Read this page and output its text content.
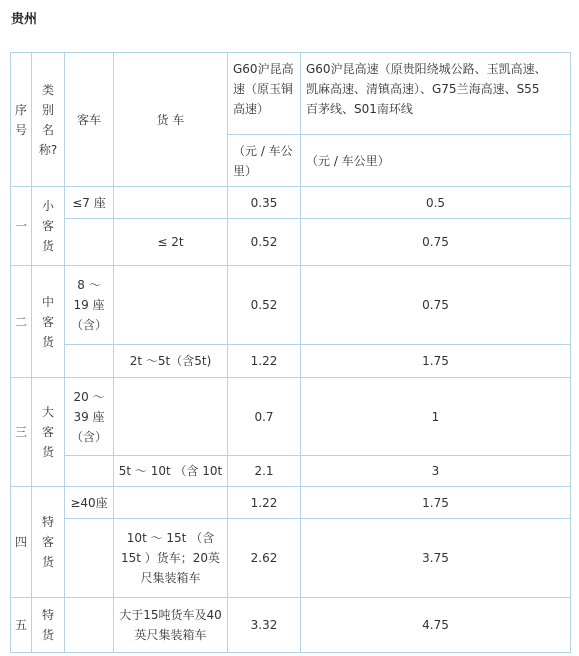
贵州
序
号	类
别
名
称?	客车	货 车	G60沪昆高
速（原玉铜
高速）	G60沪昆高速（原贵阳绕城公路、玉凯高速、
凯麻高速、清镇高速）、G75兰海高速、S55
百茅线、S01南环线
				（元 / 车公
里）	（元 / 车公里）
一	小
客
货	≤7 座		0.35	0.5
			≤ 2t	0.52	0.75
二	中
客
货	8 ～
19 座
（含）		0.52	0.75
			2t ～5t（含5t)	1.22	1.75
三	大
客
货	20 ～
39 座
（含）		0.7	1
			5t ～ 10t （含 10t	2.1	3
四	特
客
货	≥40座		1.22	1.75
			10t ～ 15t （含
15t ）货车；20英
尺集装箱车	2.62	3.75
五	特
货		大于15吨货车及40
英尺集装箱车	3.32	4.75
